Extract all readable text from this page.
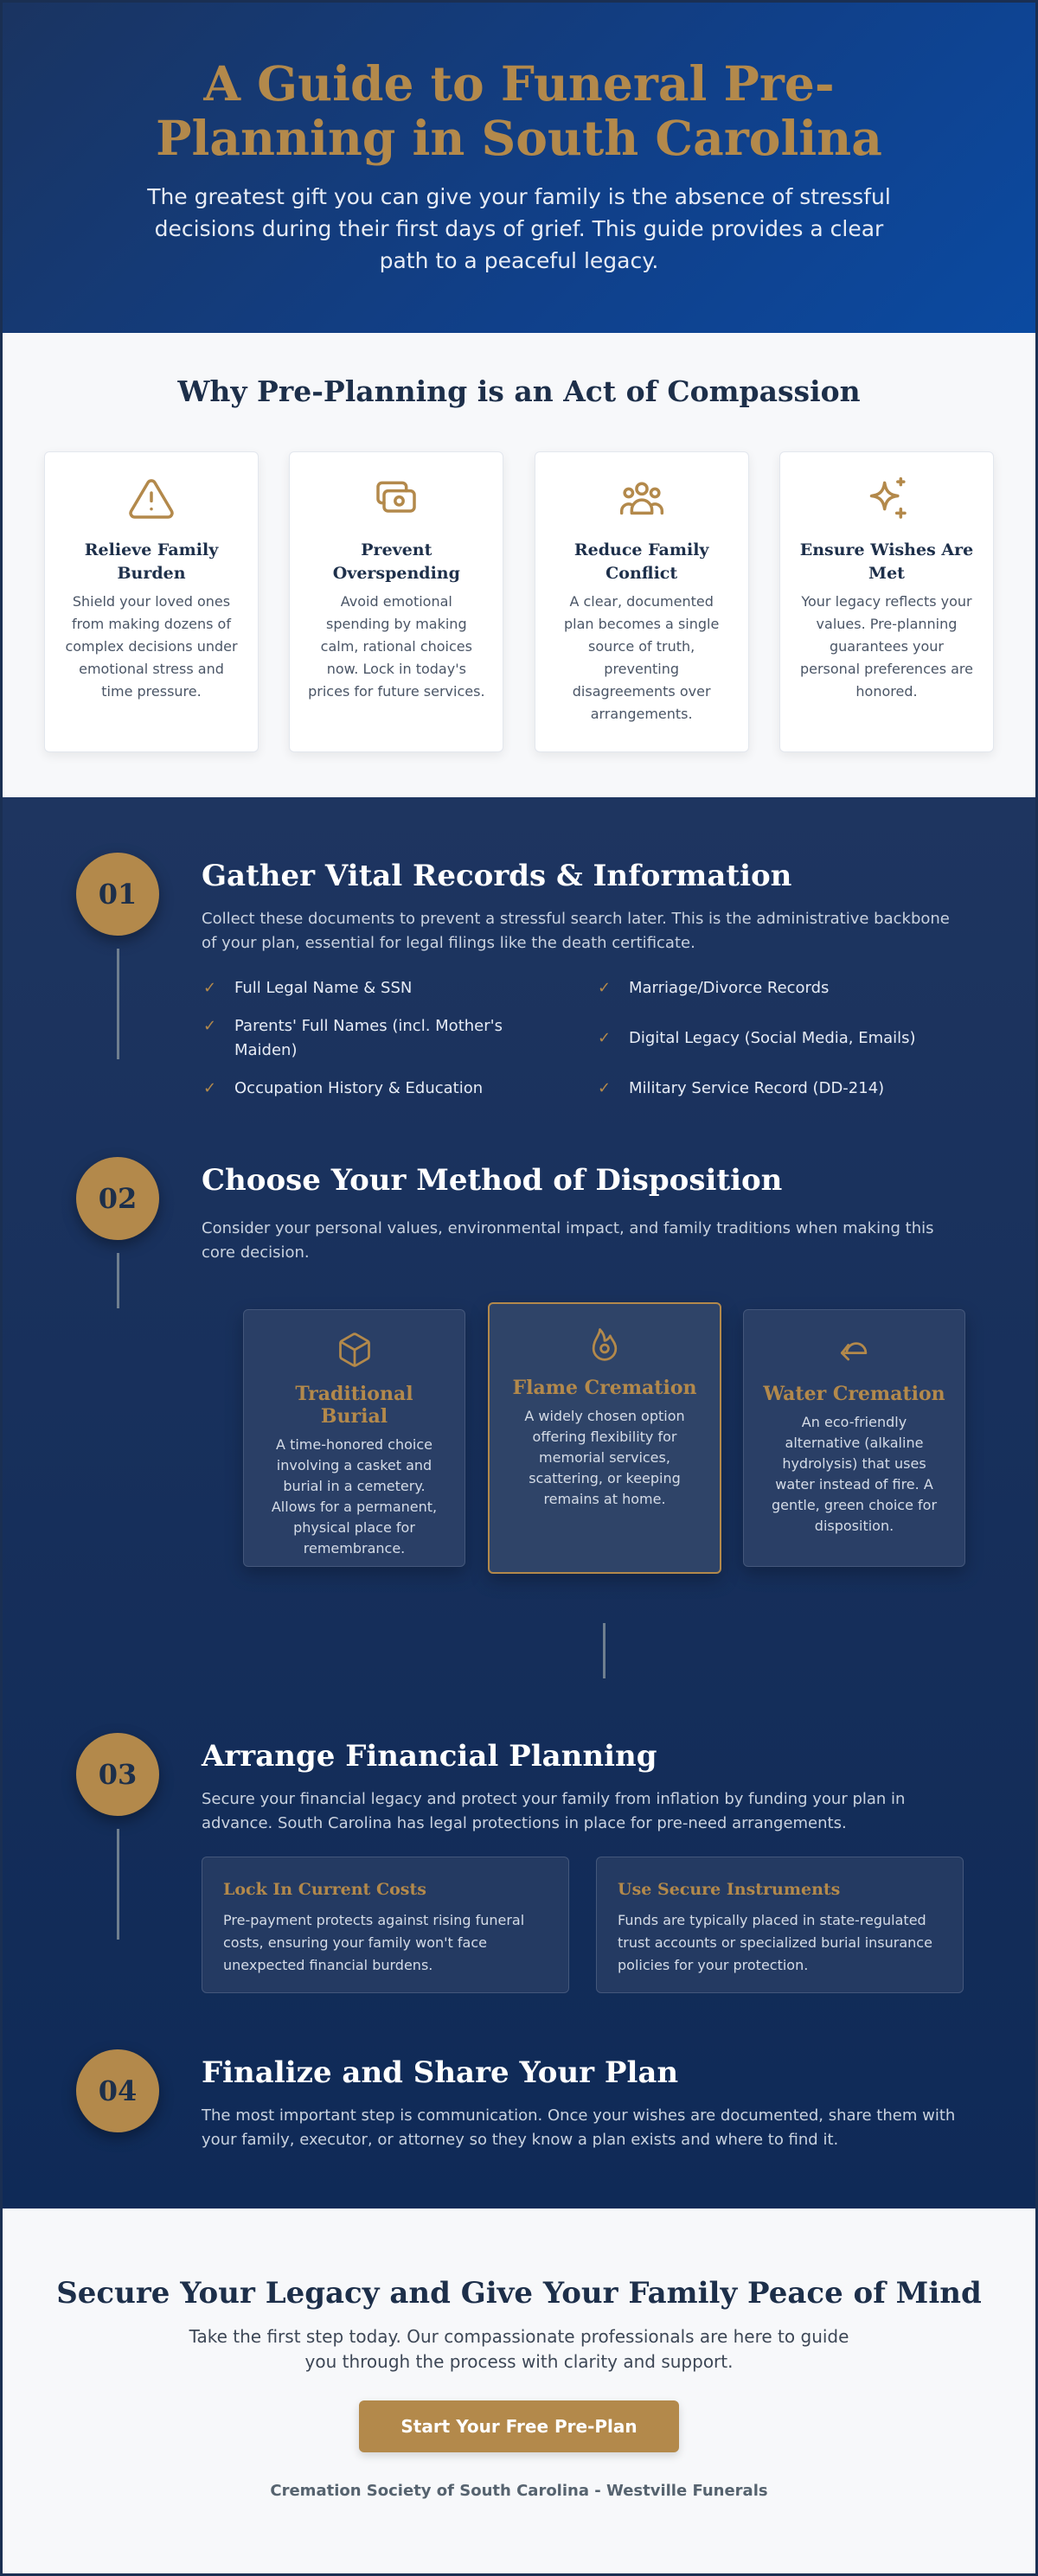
A Guide to Funeral Pre-Planning in South Carolina

The greatest gift you can give your family is the absence of stressful decisions during their first days of grief. This guide provides a clear path to a peaceful legacy.

Why Pre-Planning is an Act of Compassion
Relieve Family Burden

Shield your loved ones from making dozens of complex decisions under emotional stress and time pressure.

Prevent Overspending

Avoid emotional spending by making calm, rational choices now. Lock in today's prices for future services.

Reduce Family Conflict

A clear, documented plan becomes a single source of truth, preventing disagreements over arrangements.

Ensure Wishes Are Met

Your legacy reflects your values. Pre-planning guarantees your personal preferences are honored.

01
Gather Vital Records & Information
Collect these documents to prevent a stressful search later. This is the administrative backbone of your plan, essential for legal filings like the death certificate.
✓	Full Legal Name & SSN
✓	Parents' Full Names (incl. Mother's Maiden)
✓	Occupation History & Education
✓	Marriage/Divorce Records
✓	Digital Legacy (Social Media, Emails)
✓	Military Service Record (DD-214)
02
Choose Your Method of Disposition
Consider your personal values, environmental impact, and family traditions when making this core decision.
Traditional Burial

A time-honored choice involving a casket and burial in a cemetery. Allows for a permanent, physical place for remembrance.

Flame Cremation

A widely chosen option offering flexibility for memorial services, scattering, or keeping remains at home.

Water Cremation

An eco-friendly alternative (alkaline hydrolysis) that uses water instead of fire. A gentle, green choice for disposition.

03
Arrange Financial Planning
Secure your financial legacy and protect your family from inflation by funding your plan in advance. South Carolina has legal protections in place for pre-need arrangements.
Lock In Current Costs

Pre-payment protects against rising funeral costs, ensuring your family won't face unexpected financial burdens.

Use Secure Instruments

Funds are typically placed in state-regulated trust accounts or specialized burial insurance policies for your protection.

04
Finalize and Share Your Plan
The most important step is communication. Once your wishes are documented, share them with your family, executor, or attorney so they know a plan exists and where to find it.
Secure Your Legacy and Give Your Family Peace of Mind

Take the first step today. Our compassionate professionals are here to guide you through the process with clarity and support.

Start Your Free Pre-Plan
Cremation Society of South Carolina - Westville Funerals
